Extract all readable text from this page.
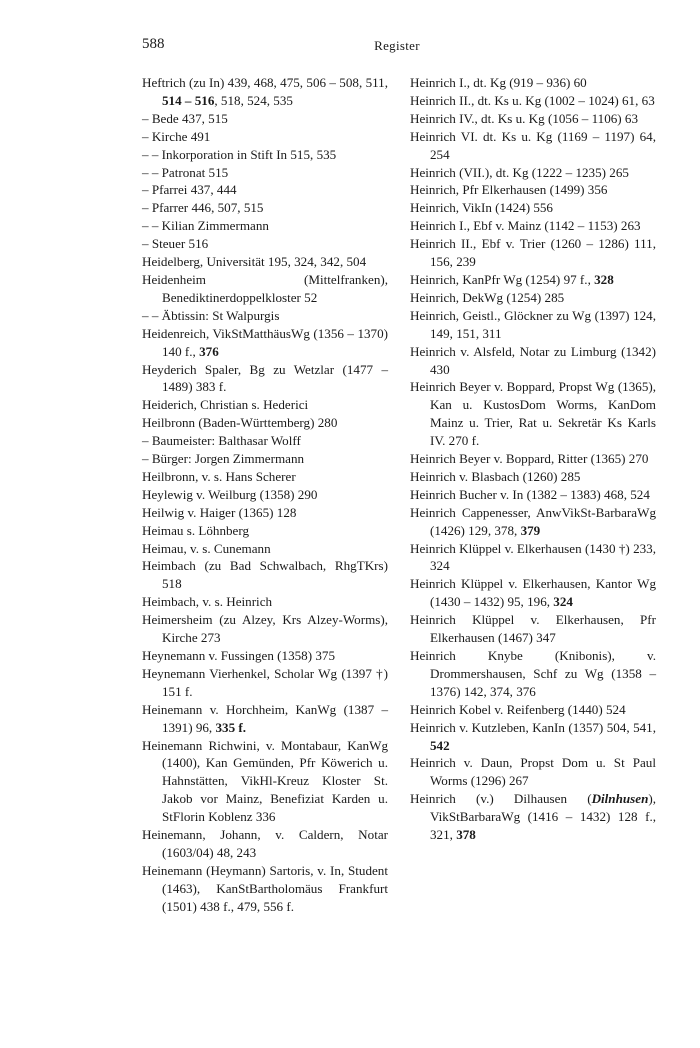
588	Register
Heftrich (zu In) 439, 468, 475, 506 – 508, 511, 514 – 516, 518, 524, 535
– Bede 437, 515
– Kirche 491
– – Inkorporation in Stift In 515, 535
– – Patronat 515
– Pfarrei 437, 444
– Pfarrer 446, 507, 515
– – Kilian Zimmermann
– Steuer 516
Heidelberg, Universität 195, 324, 342, 504
Heidenheim (Mittelfranken), Benediktinerdoppelkloster 52
– – Äbtissin: St Walpurgis
Heidenreich, VikStMatthäusWg (1356 – 1370) 140 f., 376
Heyderich Spaler, Bg zu Wetzlar (1477 – 1489) 383 f.
Heiderich, Christian s. Hederici
Heilbronn (Baden-Württemberg) 280
– Baumeister: Balthasar Wolff
– Bürger: Jorgen Zimmermann
Heilbronn, v. s. Hans Scherer
Heylewig v. Weilburg (1358) 290
Heilwig v. Haiger (1365) 128
Heimau s. Löhnberg
Heimau, v. s. Cunemann
Heimbach (zu Bad Schwalbach, RhgTKrs) 518
Heimbach, v. s. Heinrich
Heimersheim (zu Alzey, Krs Alzey-Worms), Kirche 273
Heynemann v. Fussingen (1358) 375
Heynemann Vierhenkel, Scholar Wg (1397 †) 151 f.
Heinemann v. Horchheim, KanWg (1387 – 1391) 96, 335 f.
Heinemann Richwini, v. Montabaur, KanWg (1400), Kan Gemünden, Pfr Köwerich u. Hahnstätten, VikHl-Kreuz Kloster St. Jakob vor Mainz, Benefiziat Karden u. StFlorin Koblenz 336
Heinemann, Johann, v. Caldern, Notar (1603/04) 48, 243
Heinemann (Heymann) Sartoris, v. In, Student (1463), KanStBartholomäus Frankfurt (1501) 438 f., 479, 556 f.
Heinrich I., dt. Kg (919 – 936) 60
Heinrich II., dt. Ks u. Kg (1002 – 1024) 61, 63
Heinrich IV., dt. Ks u. Kg (1056 – 1106) 63
Heinrich VI. dt. Ks u. Kg (1169 – 1197) 64, 254
Heinrich (VII.), dt. Kg (1222 – 1235) 265
Heinrich, Pfr Elkerhausen (1499) 356
Heinrich, VikIn (1424) 556
Heinrich I., Ebf v. Mainz (1142 – 1153) 263
Heinrich II., Ebf v. Trier (1260 – 1286) 111, 156, 239
Heinrich, KanPfr Wg (1254) 97 f., 328
Heinrich, DekWg (1254) 285
Heinrich, Geistl., Glöckner zu Wg (1397) 124, 149, 151, 311
Heinrich v. Alsfeld, Notar zu Limburg (1342) 430
Heinrich Beyer v. Boppard, Propst Wg (1365), Kan u. KustosDom Worms, KanDom Mainz u. Trier, Rat u. Sekretär Ks Karls IV. 270 f.
Heinrich Beyer v. Boppard, Ritter (1365) 270
Heinrich v. Blasbach (1260) 285
Heinrich Bucher v. In (1382 – 1383) 468, 524
Heinrich Cappenesser, AnwVikSt-BarbaraWg (1426) 129, 378, 379
Heinrich Klüppel v. Elkerhausen (1430 †) 233, 324
Heinrich Klüppel v. Elkerhausen, Kantor Wg (1430 – 1432) 95, 196, 324
Heinrich Klüppel v. Elkerhausen, Pfr Elkerhausen (1467) 347
Heinrich Knybe (Knibonis), v. Drommershausen, Schf zu Wg (1358 – 1376) 142, 374, 376
Heinrich Kobel v. Reifenberg (1440) 524
Heinrich v. Kutzleben, KanIn (1357) 504, 541, 542
Heinrich v. Daun, Propst Dom u. St Paul Worms (1296) 267
Heinrich (v.) Dilhausen (Dilnhusen), VikStBarbaraWg (1416 – 1432) 128 f., 321, 378
